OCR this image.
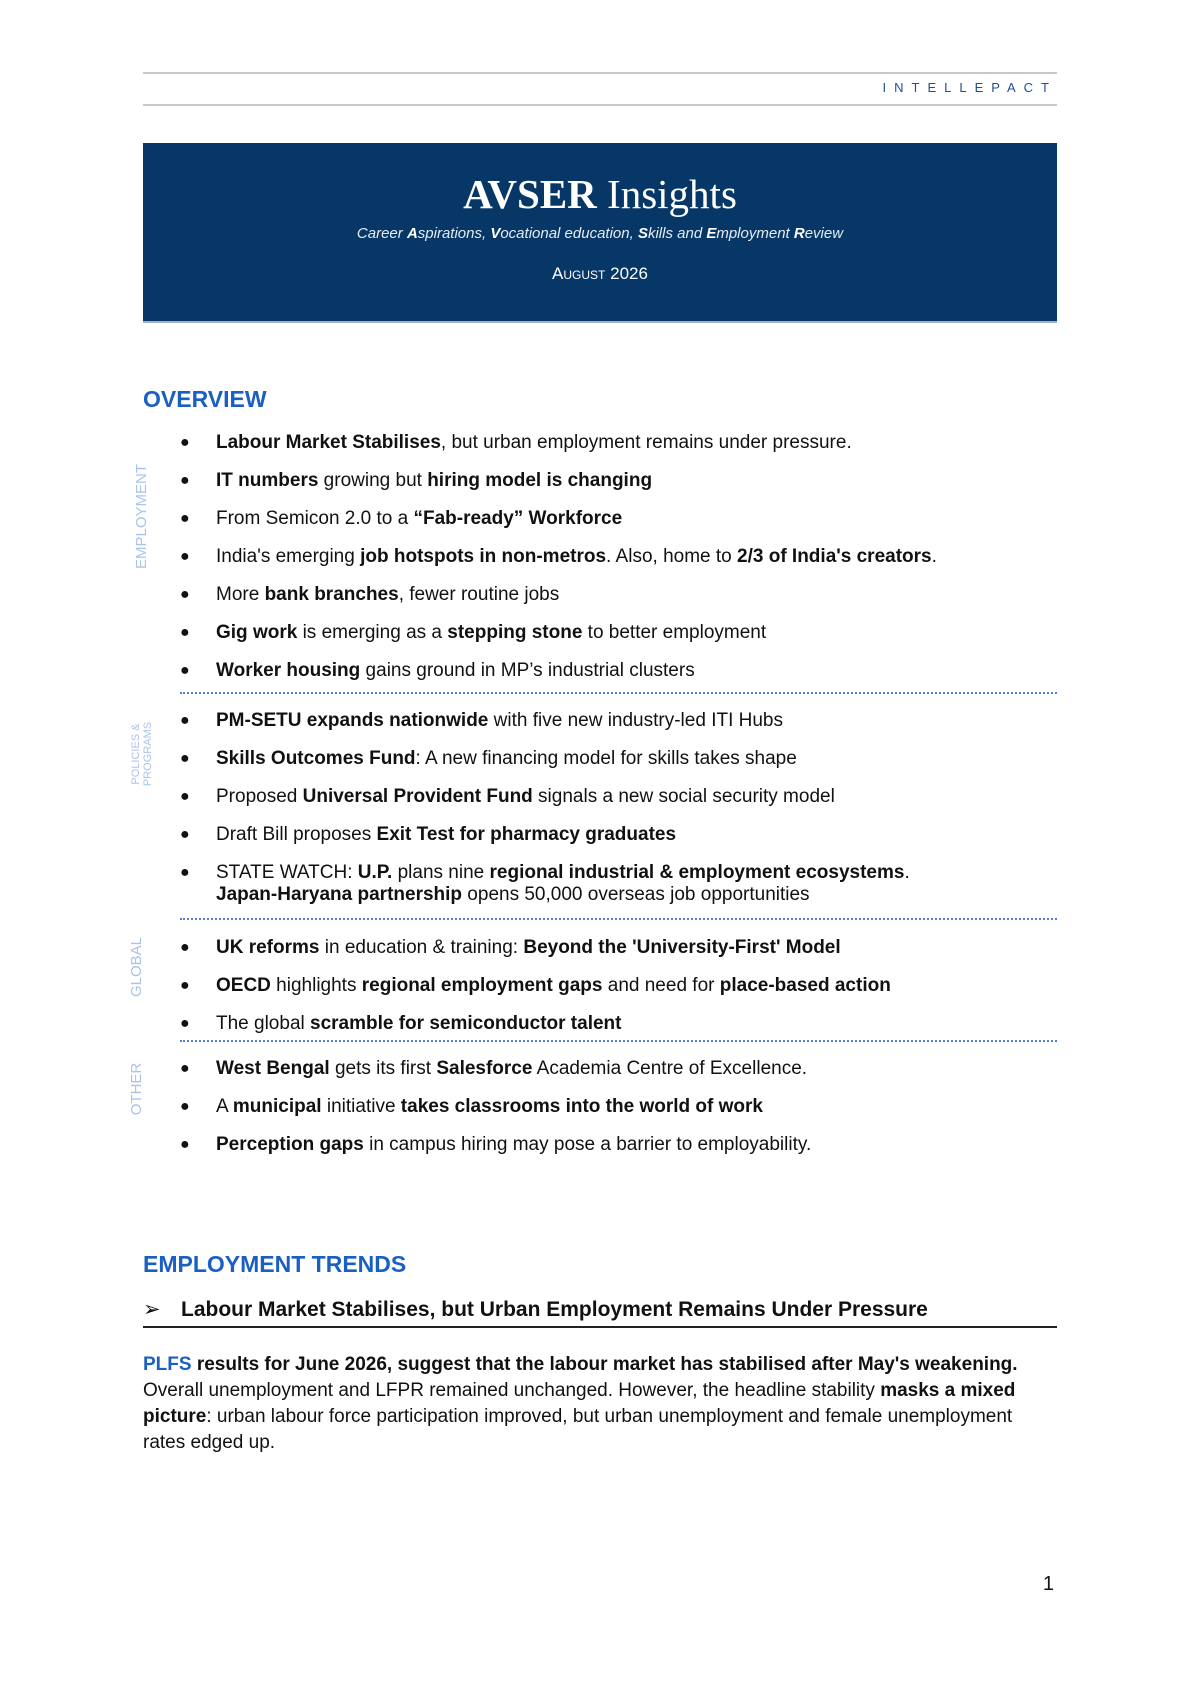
INTELLEPACT
AVSER Insights
Career Aspirations, Vocational education, Skills and Employment Review
August 2026
OVERVIEW
● Labour Market Stabilises, but urban employment remains under pressure.
● IT numbers growing but hiring model is changing
● From Semicon 2.0 to a “Fab-ready” Workforce
● India's emerging job hotspots in non-metros. Also, home to 2/3 of India's creators.
● More bank branches, fewer routine jobs
● Gig work is emerging as a stepping stone to better employment
● Worker housing gains ground in MP’s industrial clusters
EMPLOYMENT
● PM-SETU expands nationwide with five new industry-led ITI Hubs
● Skills Outcomes Fund: A new financing model for skills takes shape
● Proposed Universal Provident Fund signals a new social security model
● Draft Bill proposes Exit Test for pharmacy graduates
● STATE WATCH: U.P. plans nine regional industrial & employment ecosystems.
Japan-Haryana partnership opens 50,000 overseas job opportunities
POLICIES & PROGRAMS
● UK reforms in education & training: Beyond the 'University-First' Model
● OECD highlights regional employment gaps and need for place-based action
● The global scramble for semiconductor talent
GLOBAL
● West Bengal gets its first Salesforce Academia Centre of Excellence.
● A municipal initiative takes classrooms into the world of work
● Perception gaps in campus hiring may pose a barrier to employability.
OTHER
EMPLOYMENT TRENDS
➢ Labour Market Stabilises, but Urban Employment Remains Under Pressure
PLFS results for June 2026, suggest that the labour market has stabilised after May's weakening. Overall unemployment and LFPR remained unchanged. However, the headline stability masks a mixed picture: urban labour force participation improved, but urban unemployment and female unemployment rates edged up.
1
